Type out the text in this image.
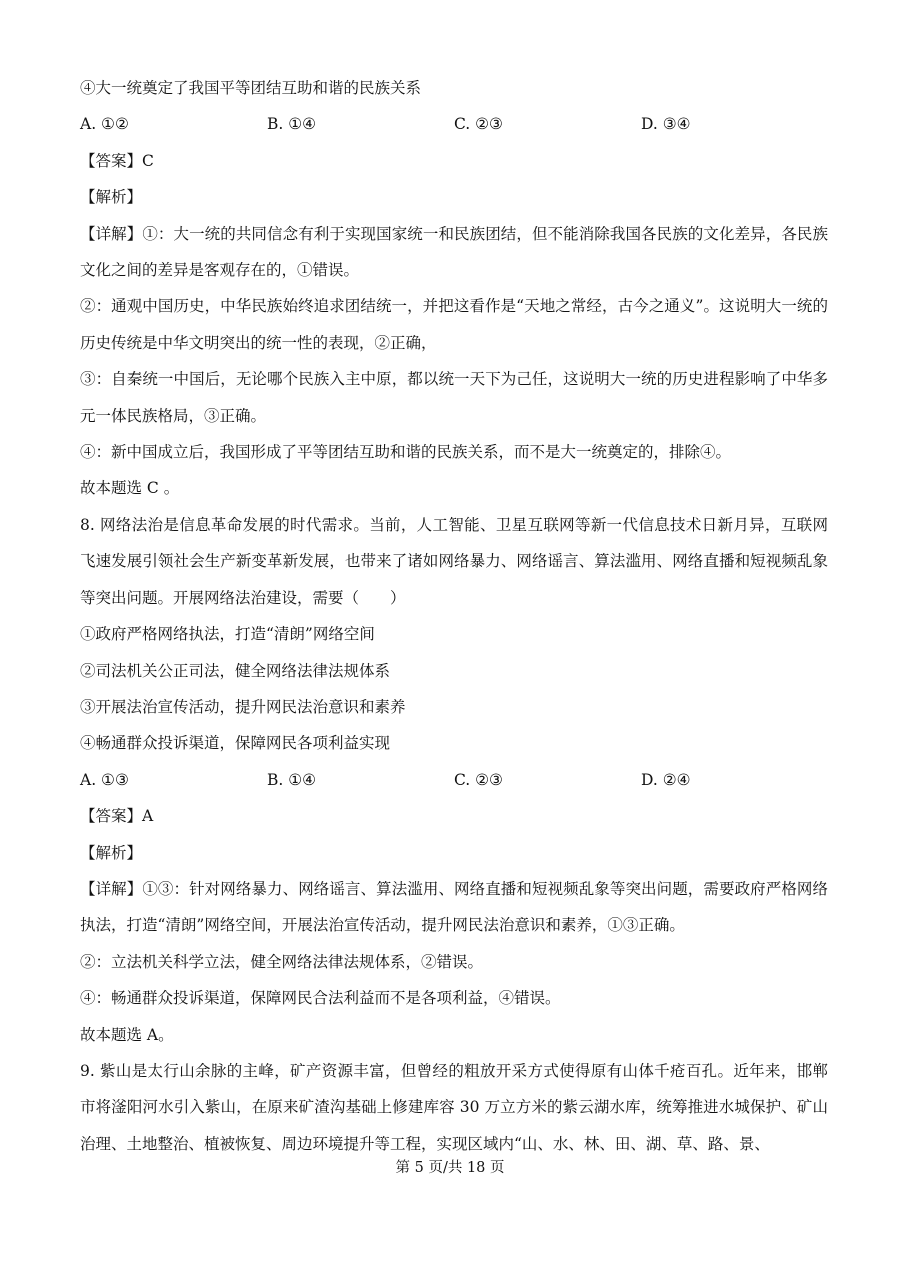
④大一统奠定了我国平等团结互助和谐的民族关系
A. ①②	B. ①④	C. ②③	D. ③④
【答案】C
【解析】
【详解】①：大一统的共同信念有利于实现国家统一和民族团结，但不能消除我国各民族的文化差异，各民族文化之间的差异是客观存在的，①错误。
②：通观中国历史，中华民族始终追求团结统一，并把这看作是“天地之常经，古今之通义”。这说明大一统的历史传统是中华文明突出的统一性的表现，②正确，
③：自秦统一中国后，无论哪个民族入主中原，都以统一天下为己任，这说明大一统的历史进程影响了中华多元一体民族格局，③正确。
④：新中国成立后，我国形成了平等团结互助和谐的民族关系，而不是大一统奠定的，排除④。
故本题选 C 。
8. 网络法治是信息革命发展的时代需求。当前，人工智能、卫星互联网等新一代信息技术日新月异，互联网飞速发展引领社会生产新变革新发展，也带来了诸如网络暴力、网络谣言、算法滥用、网络直播和短视频乱象等突出问题。开展网络法治建设，需要（　　）
①政府严格网络执法，打造“清朗”网络空间
②司法机关公正司法，健全网络法律法规体系
③开展法治宣传活动，提升网民法治意识和素养
④畅通群众投诉渠道，保障网民各项利益实现
A. ①③	B. ①④	C. ②③	D. ②④
【答案】A
【解析】
【详解】①③：针对网络暴力、网络谣言、算法滥用、网络直播和短视频乱象等突出问题，需要政府严格网络执法，打造“清朗”网络空间，开展法治宣传活动，提升网民法治意识和素养，①③正确。
②：立法机关科学立法，健全网络法律法规体系，②错误。
④：畅通群众投诉渠道，保障网民合法利益而不是各项利益，④错误。
故本题选 A。
9. 紫山是太行山余脉的主峰，矿产资源丰富，但曾经的粗放开采方式使得原有山体千疮百孔。近年来，邯郸市将滏阳河水引入紫山，在原来矿渣沟基础上修建库容 30 万立方米的紫云湖水库，统筹推进水城保护、矿山治理、土地整治、植被恢复、周边环境提升等工程，实现区域内“山、水、林、田、湖、草、路、景、
第 5 页/共 18 页
